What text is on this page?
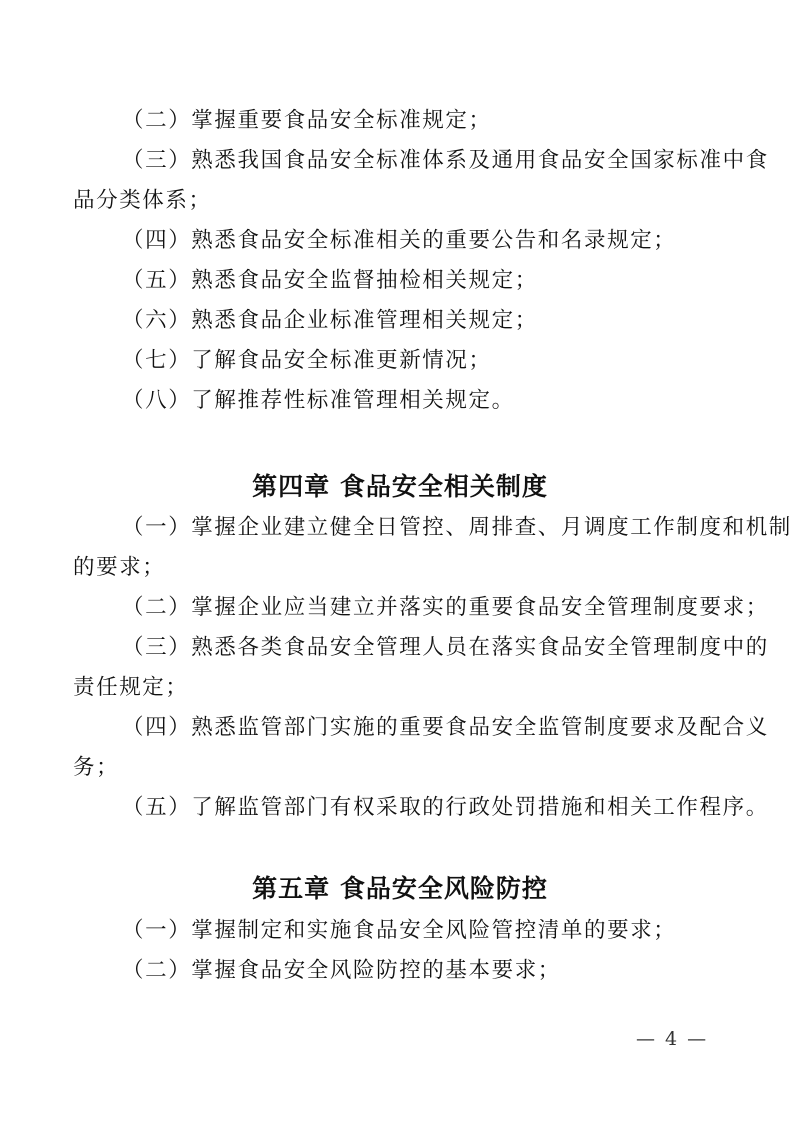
（二）掌握重要食品安全标准规定；
（三）熟悉我国食品安全标准体系及通用食品安全国家标准中食
品分类体系；
（四）熟悉食品安全标准相关的重要公告和名录规定；
（五）熟悉食品安全监督抽检相关规定；
（六）熟悉食品企业标准管理相关规定；
（七）了解食品安全标准更新情况；
（八）了解推荐性标准管理相关规定。
第四章 食品安全相关制度
（一）掌握企业建立健全日管控、周排查、月调度工作制度和机制
的要求；
（二）掌握企业应当建立并落实的重要食品安全管理制度要求；
（三）熟悉各类食品安全管理人员在落实食品安全管理制度中的
责任规定；
（四）熟悉监管部门实施的重要食品安全监管制度要求及配合义
务；
（五）了解监管部门有权采取的行政处罚措施和相关工作程序。
第五章 食品安全风险防控
（一）掌握制定和实施食品安全风险管控清单的要求；
（二）掌握食品安全风险防控的基本要求；
— 4 —
